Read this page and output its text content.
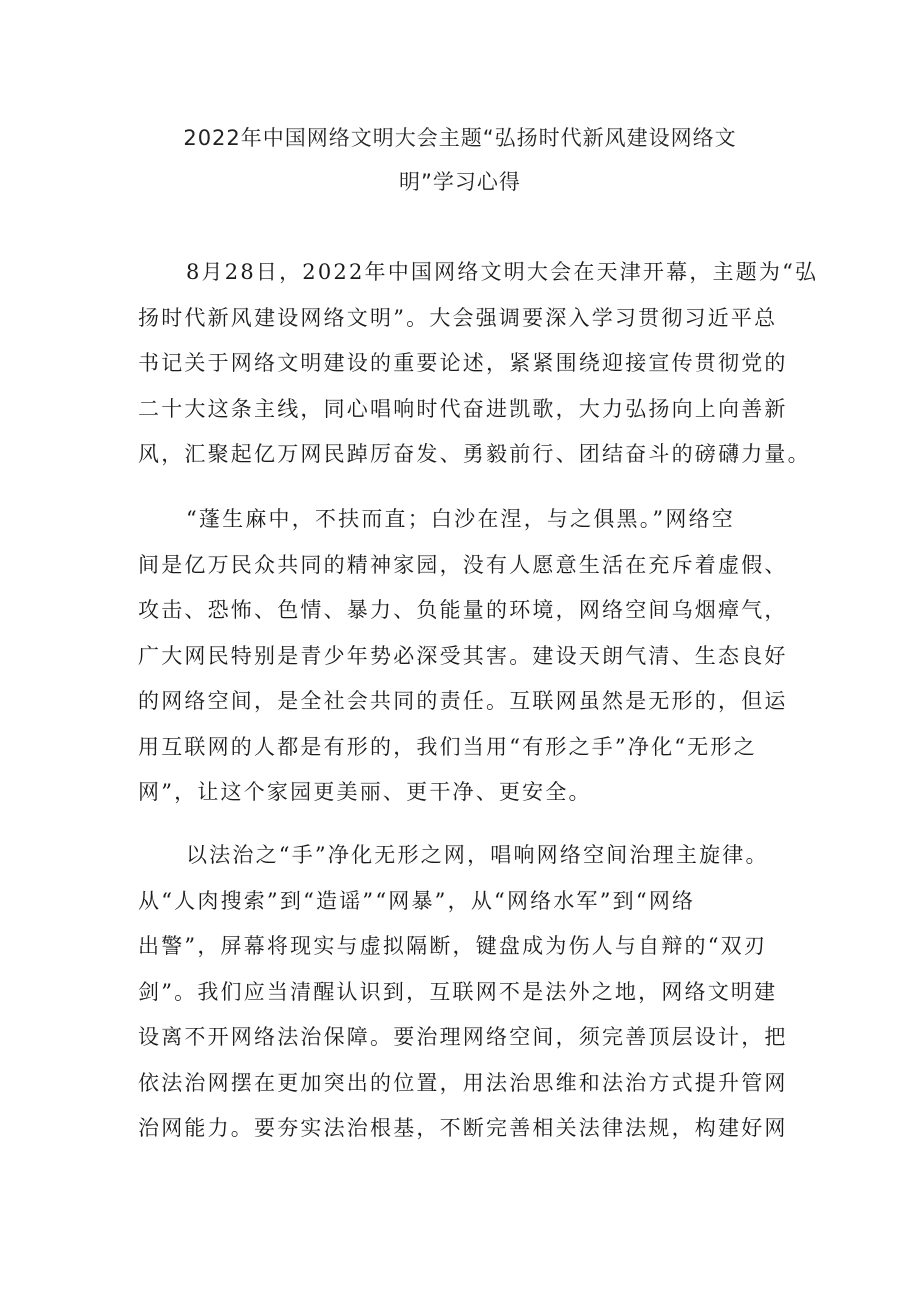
2022年中国网络文明大会主题“弘扬时代新风建设网络文
明”学习心得
8月28日，2022年中国网络文明大会在天津开幕，主题为“弘
扬时代新风建设网络文明”。大会强调要深入学习贯彻习近平总
书记关于网络文明建设的重要论述，紧紧围绕迎接宣传贯彻党的
二十大这条主线，同心唱响时代奋进凯歌，大力弘扬向上向善新
风，汇聚起亿万网民踔厉奋发、勇毅前行、团结奋斗的磅礴力量。
“蓬生麻中，不扶而直；白沙在涅，与之俱黑。”网络空
间是亿万民众共同的精神家园，没有人愿意生活在充斥着虚假、
攻击、恐怖、色情、暴力、负能量的环境，网络空间乌烟瘴气，
广大网民特别是青少年势必深受其害。建设天朗气清、生态良好
的网络空间，是全社会共同的责任。互联网虽然是无形的，但运
用互联网的人都是有形的，我们当用“有形之手”净化“无形之
网”，让这个家园更美丽、更干净、更安全。
以法治之“手”净化无形之网，唱响网络空间治理主旋律。
从“人肉搜索”到“造谣”“网暴”，从“网络水军”到“网络
出警”，屏幕将现实与虚拟隔断，键盘成为伤人与自辩的“双刃
剑”。我们应当清醒认识到，互联网不是法外之地，网络文明建
设离不开网络法治保障。要治理网络空间，须完善顶层设计，把
依法治网摆在更加突出的位置，用法治思维和法治方式提升管网
治网能力。要夯实法治根基，不断完善相关法律法规，构建好网
